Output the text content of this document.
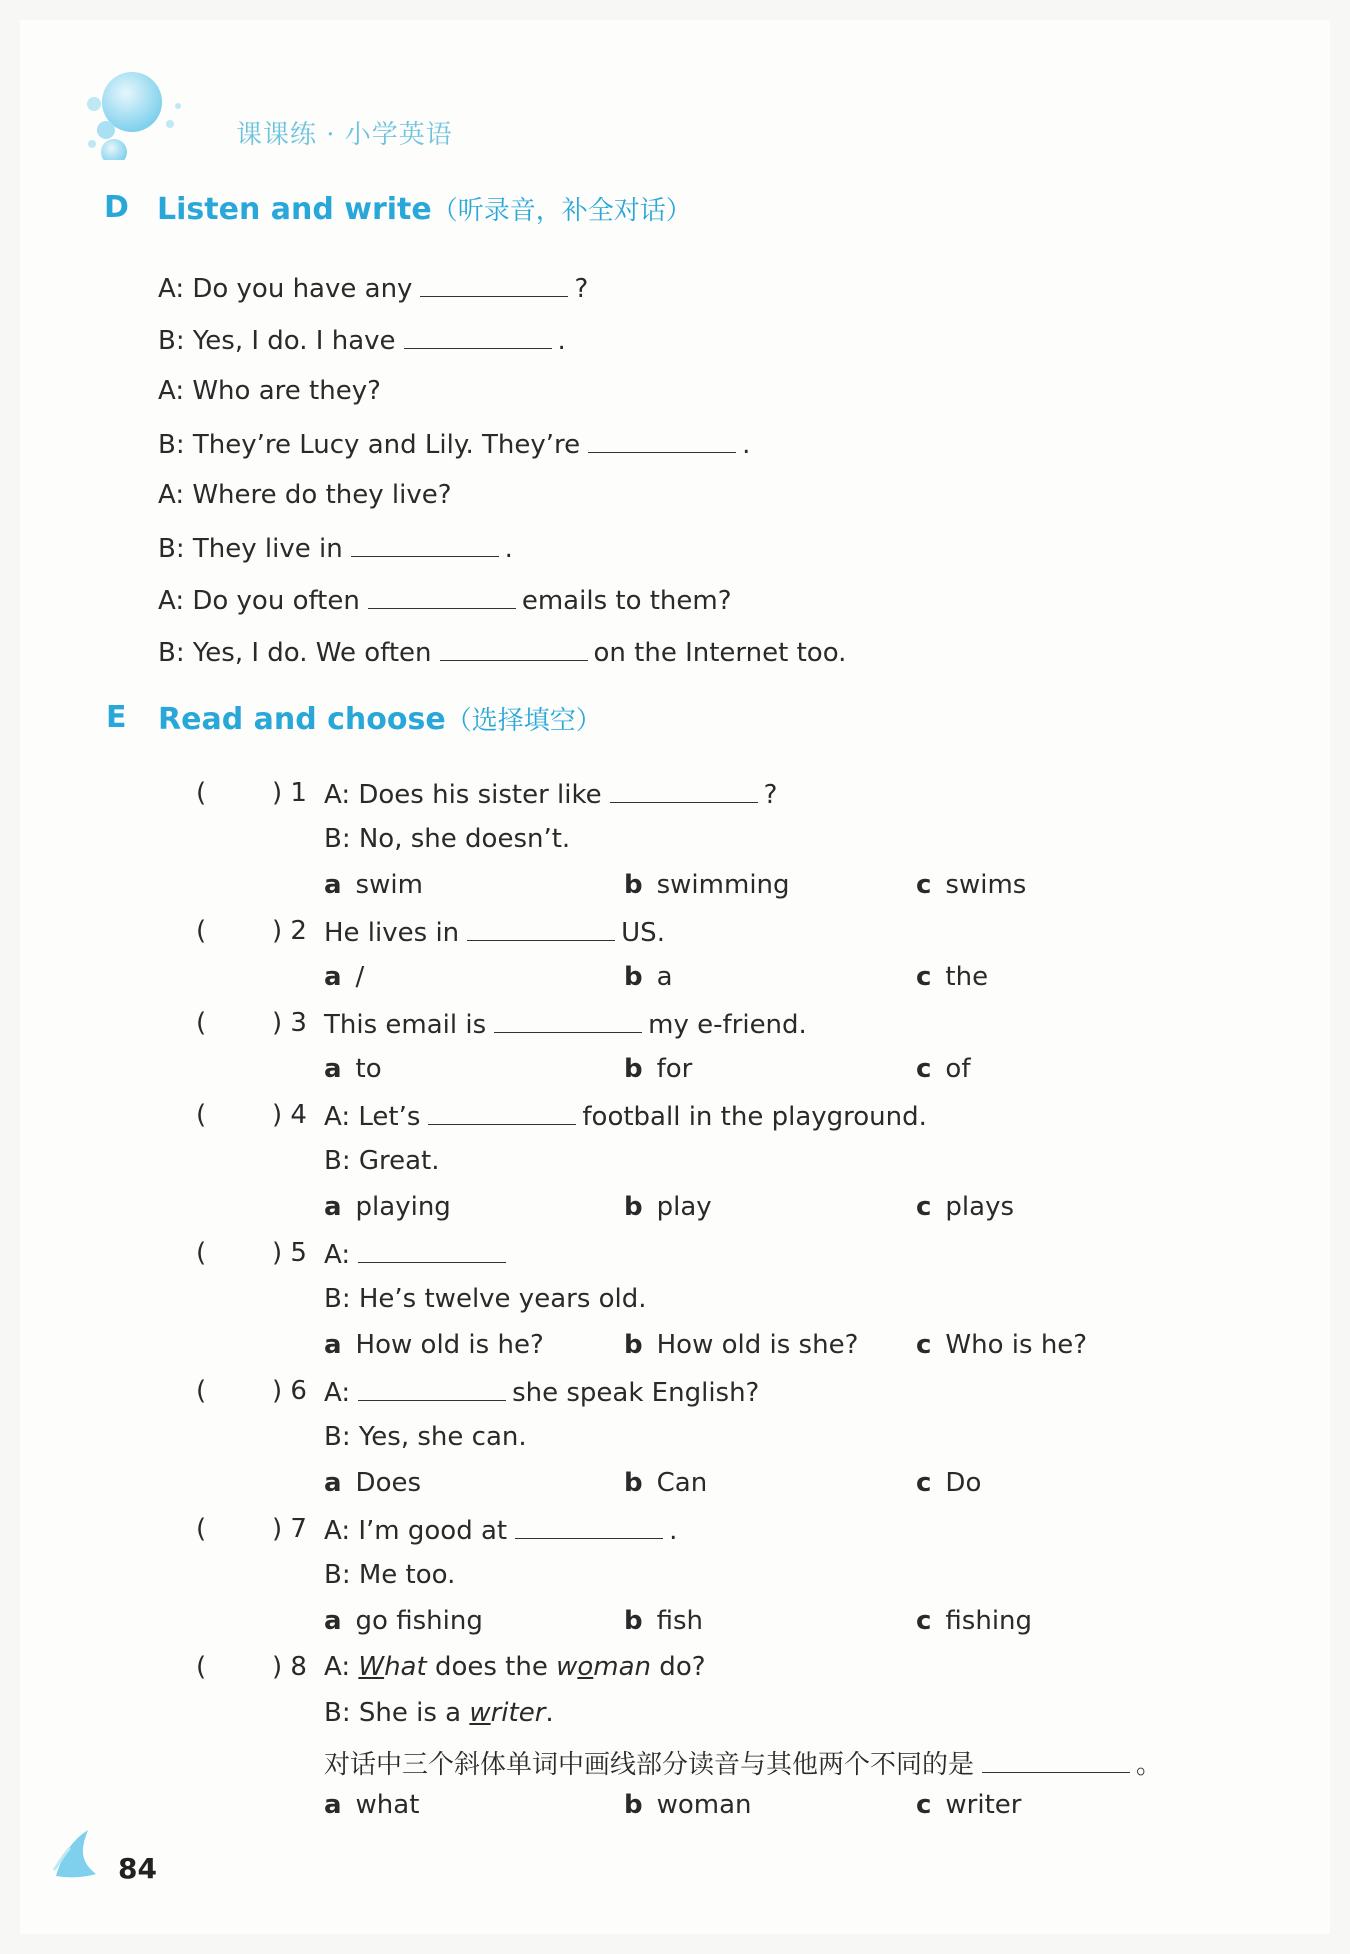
课课练 · 小学英语
D Listen and write（听录音，补全对话）
A: Do you have any	?
B: Yes, I do. I have	.
A: Who are they?
B: They’re Lucy and Lily. They’re	.
A: Where do they live?
B: They live in	.
A: Do you often	emails to them?
B: Yes, I do. We often	on the Internet too.
E Read and choose（选择填空）
(	) 1 A: Does his sister like	?
B: No, she doesn’t.
a swim	b swimming	c swims
(	) 2 He lives in	US.
a /	b a	c the
(	) 3 This email is	my e-friend.
a to	b for	c of
(	) 4 A: Let’s	football in the playground.
B: Great.
a playing	b play	c plays
(	) 5 A:
B: He’s twelve years old.
a How old is he?	b How old is she? c Who is he?
(	) 6 A:	she speak English?
B: Yes, she can.
a Does	b Can	c Do
(	) 7 A: I’m good at	.
B: Me too.
a go fishing	b fish	c fishing
(	) 8 A: What does the woman do?
B: She is a writer.
对话中三个斜体单词中画线部分读音与其他两个不同的是	。
a what	b woman	c writer
84
